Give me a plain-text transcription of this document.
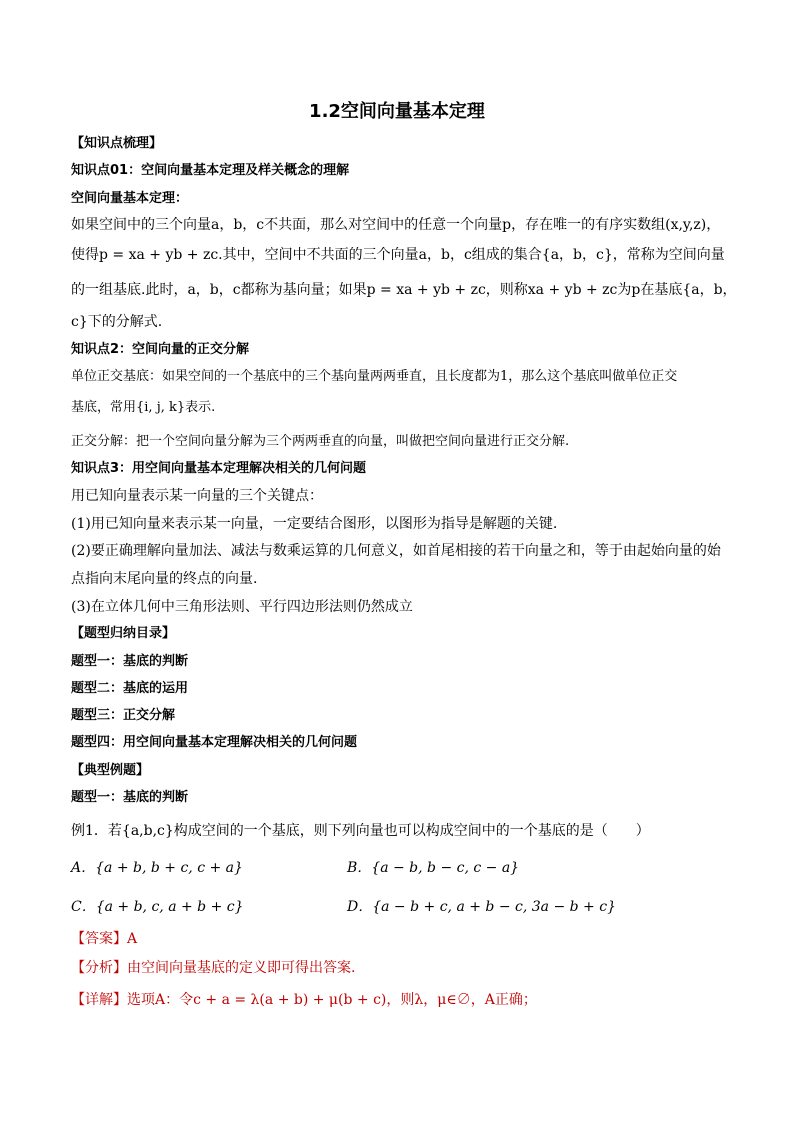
1.2空间向量基本定理
【知识点梳理】
知识点01：空间向量基本定理及样关概念的理解
空间向量基本定理：
如果空间中的三个向量a，b，c不共面，那么对空间中的任意一个向量p，存在唯一的有序实数组(x,y,z)，
使得p = xa + yb + zc.其中，空间中不共面的三个向量a，b，c组成的集合{a，b，c}，常称为空间向量
的一组基底.此时，a，b，c都称为基向量；如果p = xa + yb + zc，则称xa + yb + zc为p在基底{a，b，
c}下的分解式.
知识点2：空间向量的正交分解
单位正交基底：如果空间的一个基底中的三个基向量两两垂直，且长度都为1，那么这个基底叫做单位正交
基底，常用{i, j, k}表示.
正交分解：把一个空间向量分解为三个两两垂直的向量，叫做把空间向量进行正交分解.
知识点3：用空间向量基本定理解决相关的几何问题
用已知向量表示某一向量的三个关键点：
(1)用已知向量来表示某一向量，一定要结合图形，以图形为指导是解题的关键.
(2)要正确理解向量加法、减法与数乘运算的几何意义，如首尾相接的若干向量之和，等于由起始向量的始
点指向末尾向量的终点的向量.
(3)在立体几何中三角形法则、平行四边形法则仍然成立
【题型归纳目录】
题型一：基底的判断
题型二：基底的运用
题型三：正交分解
题型四：用空间向量基本定理解决相关的几何问题
【典型例题】
题型一：基底的判断
例1．若{a,b,c}构成空间的一个基底，则下列向量也可以构成空间中的一个基底的是（　　）
A．{a + b, b + c, c + a}	B．{a − b, b − c, c − a}
C．{a + b, c, a + b + c}	D．{a − b + c, a + b − c, 3a − b + c}
【答案】A
【分析】由空间向量基底的定义即可得出答案.
【详解】选项A：令c + a = λ(a + b) + μ(b + c)，则λ，μ∈∅，A正确；
